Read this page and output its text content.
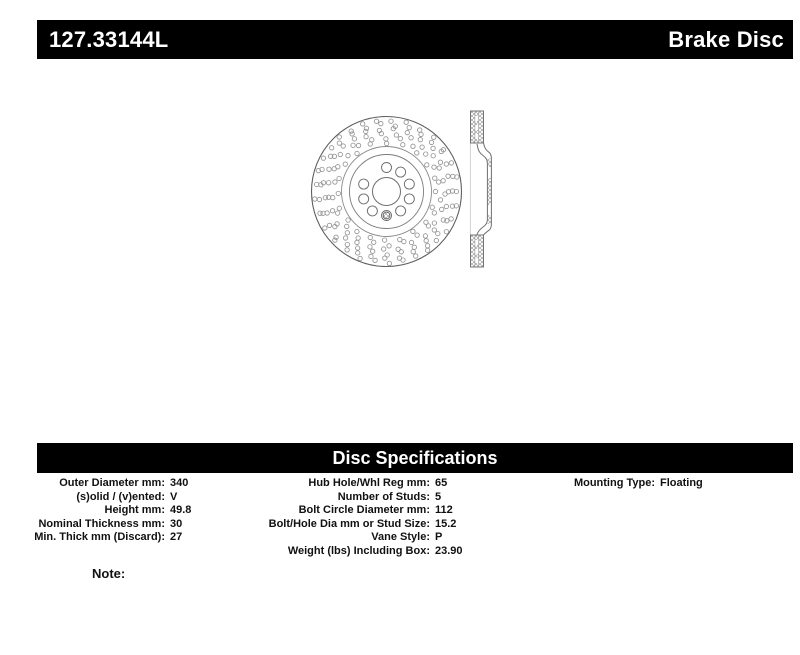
127.33144L	Brake Disc
Disc Specifications
Outer Diameter mm: 340
(s)olid / (v)ented: V
Height mm: 49.8
Nominal Thickness mm: 30
Min. Thick mm (Discard): 27
Hub Hole/Whl Reg mm: 65
Number of Studs: 5
Bolt Circle Diameter mm: 112
Bolt/Hole Dia mm or Stud Size: 15.2
Vane Style: P
Weight (lbs) Including Box: 23.90
Mounting Type: Floating
Note:
